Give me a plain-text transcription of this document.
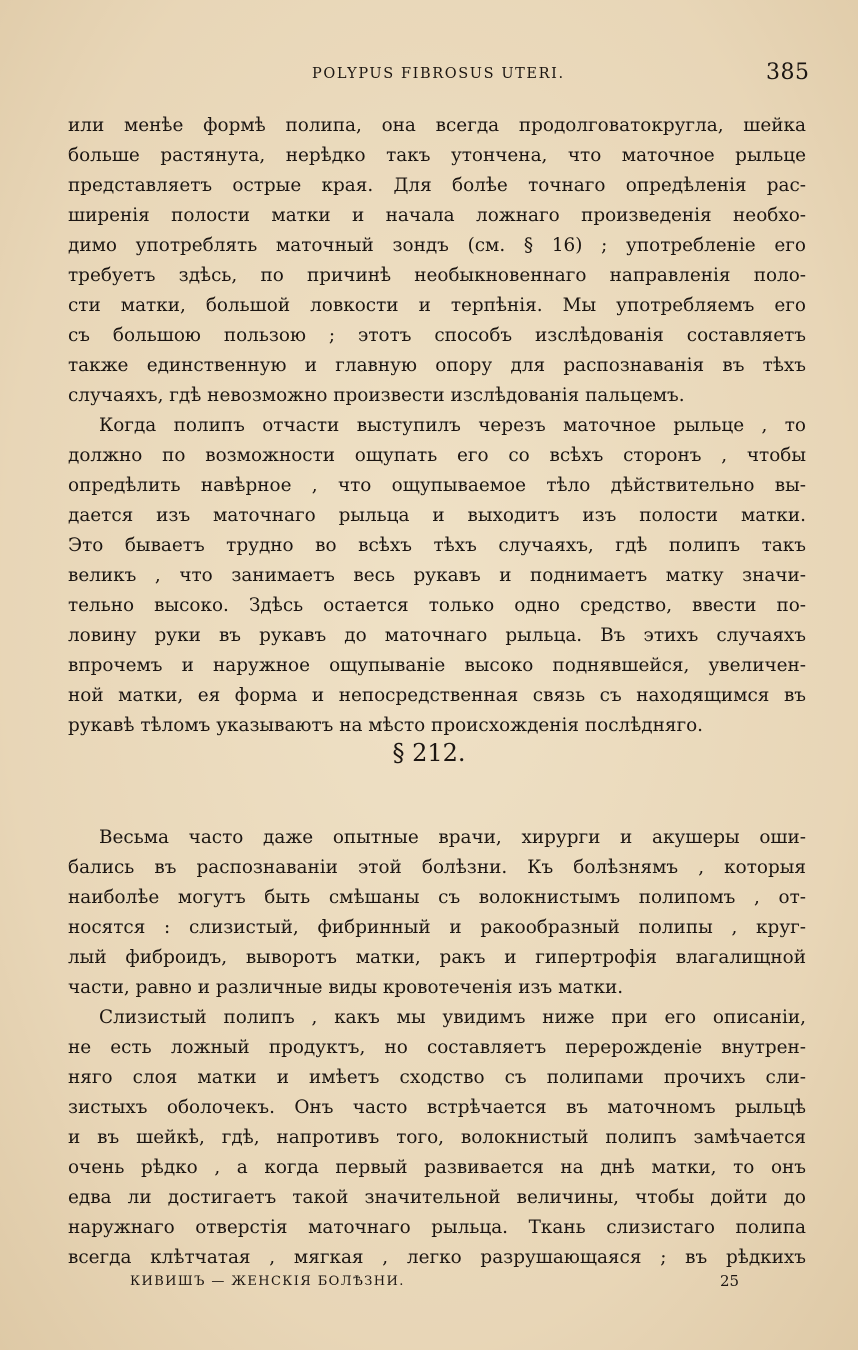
POLYPUS FIBROSUS UTERI.	385
или менѣе формѣ полипа, она всегда продолговатокругла, шейка
больше растянута, нерѣдко такъ утончена, что маточное рыльце
представляетъ острые края. Для болѣе точнаго опредѣленія рас-
ширенія полости матки и начала ложнаго произведенія необхо-
димо употреблять маточный зондъ (см. § 16) ; употребленіе его
требуетъ здѣсь, по причинѣ необыкновеннаго направленія поло-
сти матки, большой ловкости и терпѣнія. Мы употребляемъ его
съ большою пользою ; этотъ способъ изслѣдованія составляетъ
также единственную и главную опору для распознаванія въ тѣхъ
случаяхъ, гдѣ невозможно произвести изслѣдованія пальцемъ.
Когда полипъ отчасти выступилъ черезъ маточное рыльце , то
должно по возможности ощупать его со всѣхъ сторонъ , чтобы
опредѣлить навѣрное , что ощупываемое тѣло дѣйствительно вы-
дается изъ маточнаго рыльца и выходитъ изъ полости матки.
Это бываетъ трудно во всѣхъ тѣхъ случаяхъ, гдѣ полипъ такъ
великъ , что занимаетъ весь рукавъ и поднимаетъ матку значи-
тельно высоко. Здѣсь остается только одно средство, ввести по-
ловину руки въ рукавъ до маточнаго рыльца. Въ этихъ случаяхъ
впрочемъ и наружное ощупываніе высоко поднявшейся, увеличен-
ной матки, ея форма и непосредственная связь съ находящимся въ
рукавѣ тѣломъ указываютъ на мѣсто происхожденія послѣдняго.
§ 212.
Весьма часто даже опытные врачи, хирурги и акушеры оши-
бались въ распознаваніи этой болѣзни. Къ болѣзнямъ , которыя
наиболѣе могутъ быть смѣшаны съ волокнистымъ полипомъ , от-
носятся : слизистый, фибринный и ракообразный полипы , круг-
лый фиброидъ, выворотъ матки, ракъ и гипертрофія влагалищной
части, равно и различные виды кровотеченія изъ матки.
Слизистый полипъ , какъ мы увидимъ ниже при его описаніи,
не есть ложный продуктъ, но составляетъ перерожденіе внутрен-
няго слоя матки и имѣетъ сходство съ полипами прочихъ сли-
зистыхъ оболочекъ. Онъ часто встрѣчается въ маточномъ рыльцѣ
и въ шейкѣ, гдѣ, напротивъ того, волокнистый полипъ замѣчается
очень рѣдко , а когда первый развивается на днѣ матки, то онъ
едва ли достигаетъ такой значительной величины, чтобы дойти до
наружнаго отверстія маточнаго рыльца. Ткань слизистаго полипа
всегда клѣтчатая , мягкая , легко разрушающаяся ; въ рѣдкихъ
КИВИШЪ — ЖЕНСКІЯ БОЛѢЗНИ.	25
